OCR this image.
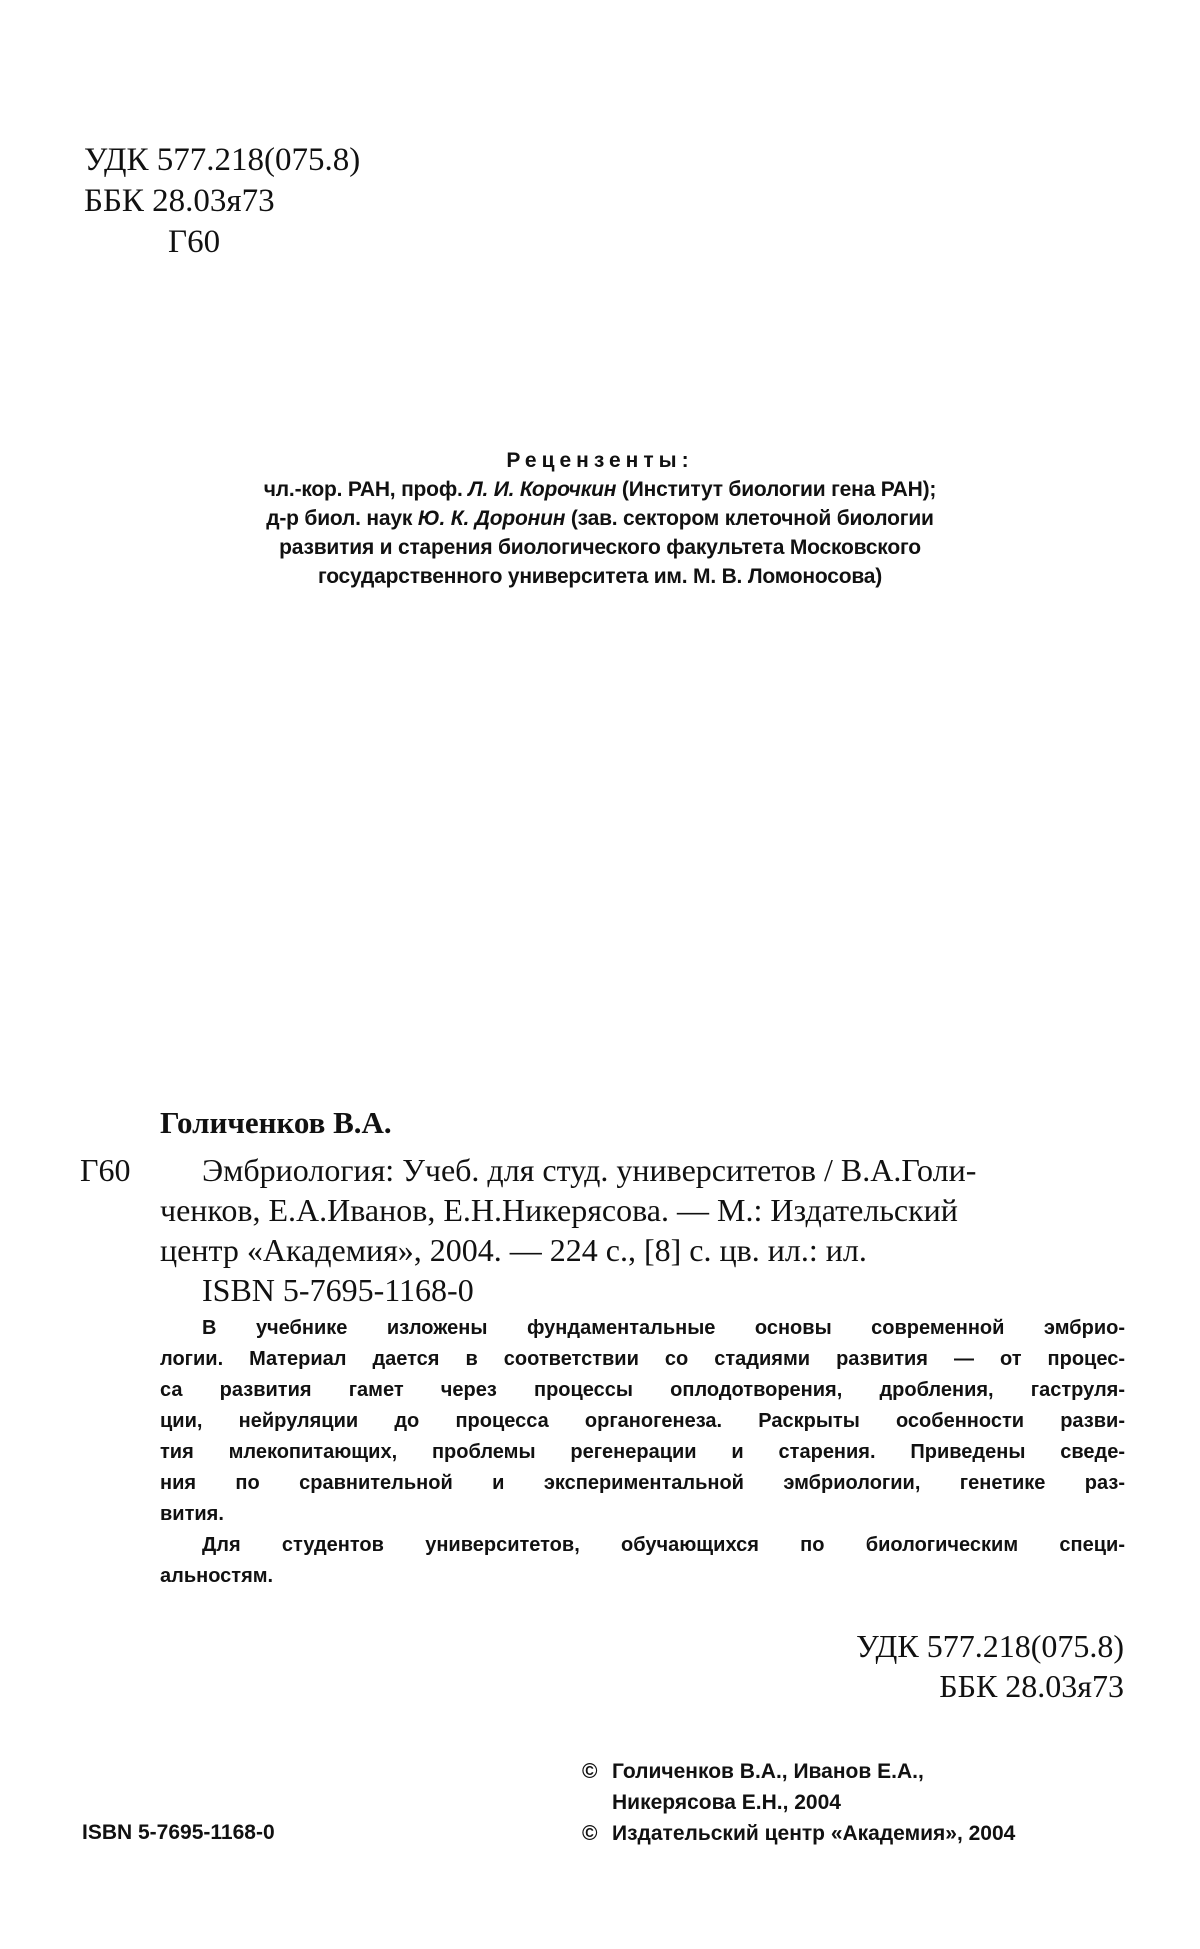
УДК 577.218(075.8)
ББК 28.03я73
Г60
Рецензенты:
чл.-кор. РАН, проф. Л. И. Корочкин (Институт биологии гена РАН);
д-р биол. наук Ю. К. Доронин (зав. сектором клеточной биологии
развития и старения биологического факультета Московского
государственного университета им. М. В. Ломоносова)
Голиченков В.А.
Г60	Эмбриология: Учеб. для студ. университетов / В.А.Голи-
ченков, Е.А.Иванов, Е.Н.Никерясова. — М.: Издательский
центр «Академия», 2004. — 224 с., [8] с. цв. ил.: ил.
ISBN 5-7695-1168-0
В учебнике изложены фундаментальные основы современной эмбрио-
логии. Материал дается в соответствии со стадиями развития — от процес-
са развития гамет через процессы оплодотворения, дробления, гаструля-
ции, нейруляции до процесса органогенеза. Раскрыты особенности разви-
тия млекопитающих, проблемы регенерации и старения. Приведены сведе-
ния по сравнительной и экспериментальной эмбриологии, генетике раз-
вития.
Для студентов университетов, обучающихся по биологическим специ-
альностям.
УДК 577.218(075.8)
ББК 28.03я73
ISBN 5-7695-1168-0
© Голиченков В.А., Иванов Е.А.,
Никерясова Е.Н., 2004
© Издательский центр «Академия», 2004
